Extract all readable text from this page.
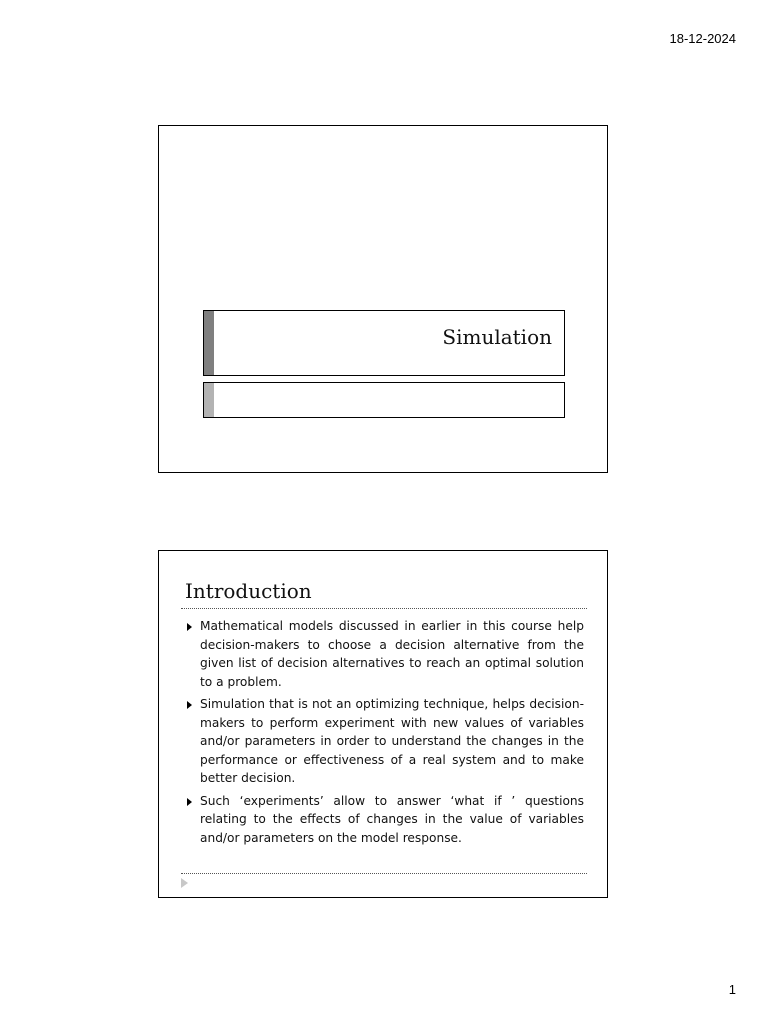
18-12-2024
Simulation
Introduction
Mathematical models discussed in earlier in this course help decision-makers to choose a decision alternative from the given list of decision alternatives to reach an optimal solution to a problem.
Simulation that is not an optimizing technique, helps decision-makers to perform experiment with new values of variables and/or parameters in order to understand the changes in the performance or effectiveness of a real system and to make better decision.
Such ‘experiments’ allow to answer ‘what if ’ questions relating to the effects of changes in the value of variables and/or parameters on the model response.
1
